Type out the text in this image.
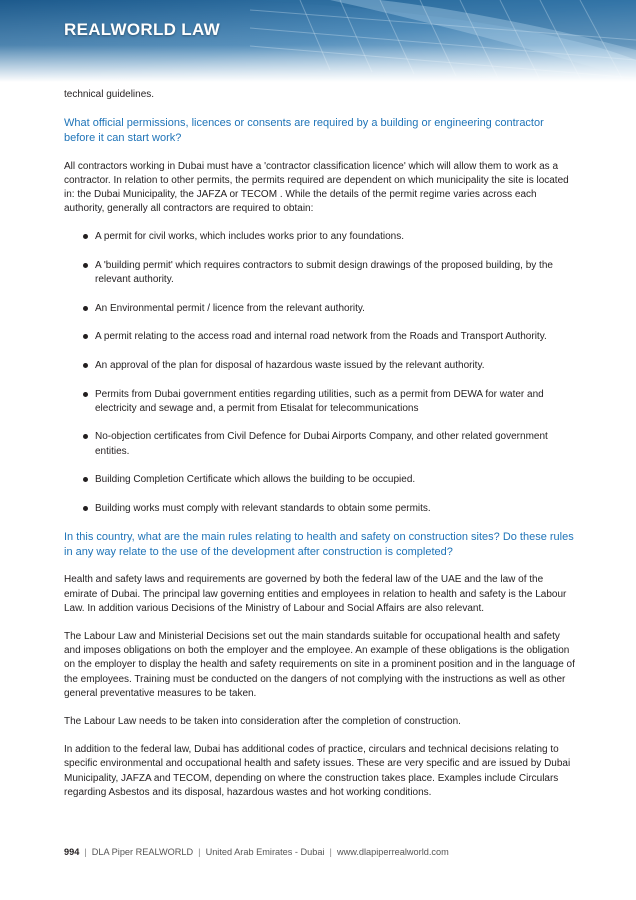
REALWORLD LAW

technical guidelines.

What official permissions, licences or consents are required by a building or engineering contractor before it can start work?

All contractors working in Dubai must have a 'contractor classification licence' which will allow them to work as a contractor. In relation to other permits, the permits required are dependent on which municipality the site is located in: the Dubai Municipality, the JAFZA or TECOM . While the details of the permit regime varies across each authority, generally all contractors are required to obtain:

A permit for civil works, which includes works prior to any foundations.
A 'building permit' which requires contractors to submit design drawings of the proposed building, by the relevant authority.
An Environmental permit / licence from the relevant authority.
A permit relating to the access road and internal road network from the Roads and Transport Authority.
An approval of the plan for disposal of hazardous waste issued by the relevant authority.
Permits from Dubai government entities regarding utilities, such as a permit from DEWA for water and electricity and sewage and, a permit from Etisalat for telecommunications
No-objection certificates from Civil Defence for Dubai Airports Company, and other related government entities.
Building Completion Certificate which allows the building to be occupied.
Building works must comply with relevant standards to obtain some permits.

In this country, what are the main rules relating to health and safety on construction sites? Do these rules in any way relate to the use of the development after construction is completed?

Health and safety laws and requirements are governed by both the federal law of the UAE and the law of the emirate of Dubai. The principal law governing entities and employees in relation to health and safety is the Labour Law. In addition various Decisions of the Ministry of Labour and Social Affairs are also relevant.

The Labour Law and Ministerial Decisions set out the main standards suitable for occupational health and safety and imposes obligations on both the employer and the employee. An example of these obligations is the obligation on the employer to display the health and safety requirements on site in a prominent position and in the language of the employees. Training must be conducted on the dangers of not complying with the instructions as well as other general preventative measures to be taken.

The Labour Law needs to be taken into consideration after the completion of construction.

In addition to the federal law, Dubai has additional codes of practice, circulars and technical decisions relating to specific environmental and occupational health and safety issues. These are very specific and are issued by Dubai Municipality, JAFZA and TECOM, depending on where the construction takes place. Examples include Circulars regarding Asbestos and its disposal, hazardous wastes and hot working conditions.

994 | DLA Piper REALWORLD | United Arab Emirates - Dubai | www.dlapiperrealworld.com
